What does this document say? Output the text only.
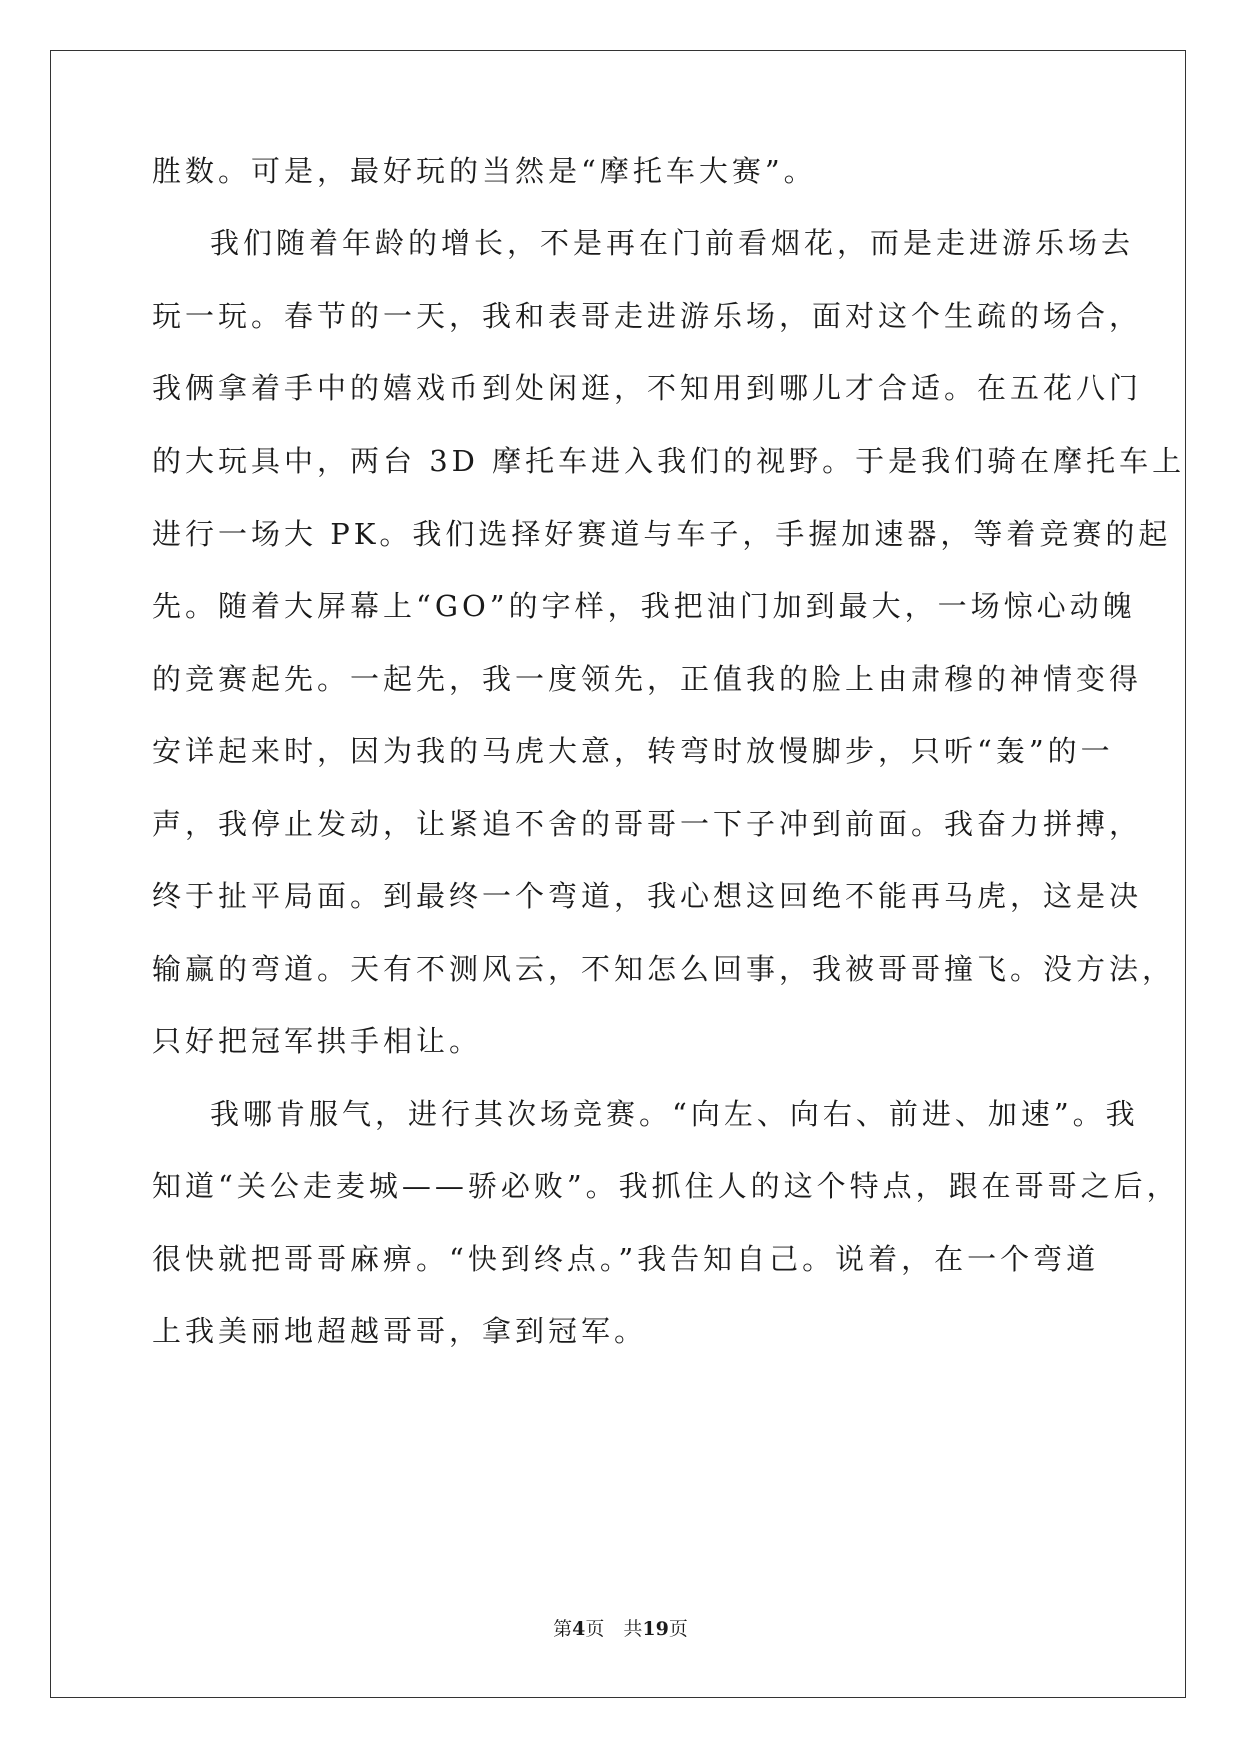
胜数。可是，最好玩的当然是“摩托车大赛”。
我们随着年龄的增长，不是再在门前看烟花，而是走进游乐场去
玩一玩。春节的一天，我和表哥走进游乐场，面对这个生疏的场合，
我俩拿着手中的嬉戏币到处闲逛，不知用到哪儿才合适。在五花八门
的大玩具中，两台 3D 摩托车进入我们的视野。于是我们骑在摩托车上
进行一场大 PK。我们选择好赛道与车子，手握加速器，等着竞赛的起
先。随着大屏幕上“GO”的字样，我把油门加到最大，一场惊心动魄
的竞赛起先。一起先，我一度领先，正值我的脸上由肃穆的神情变得
安详起来时，因为我的马虎大意，转弯时放慢脚步，只听“轰”的一
声，我停止发动，让紧追不舍的哥哥一下子冲到前面。我奋力拼搏，
终于扯平局面。到最终一个弯道，我心想这回绝不能再马虎，这是决
输赢的弯道。天有不测风云，不知怎么回事，我被哥哥撞飞。没方法，
只好把冠军拱手相让。
我哪肯服气，进行其次场竞赛。“向左、向右、前进、加速”。我
知道“关公走麦城——骄必败”。我抓住人的这个特点，跟在哥哥之后，
很快就把哥哥麻痹。“快到终点。”我告知自己。说着，在一个弯道
上我美丽地超越哥哥，拿到冠军。
第4页　共19页
